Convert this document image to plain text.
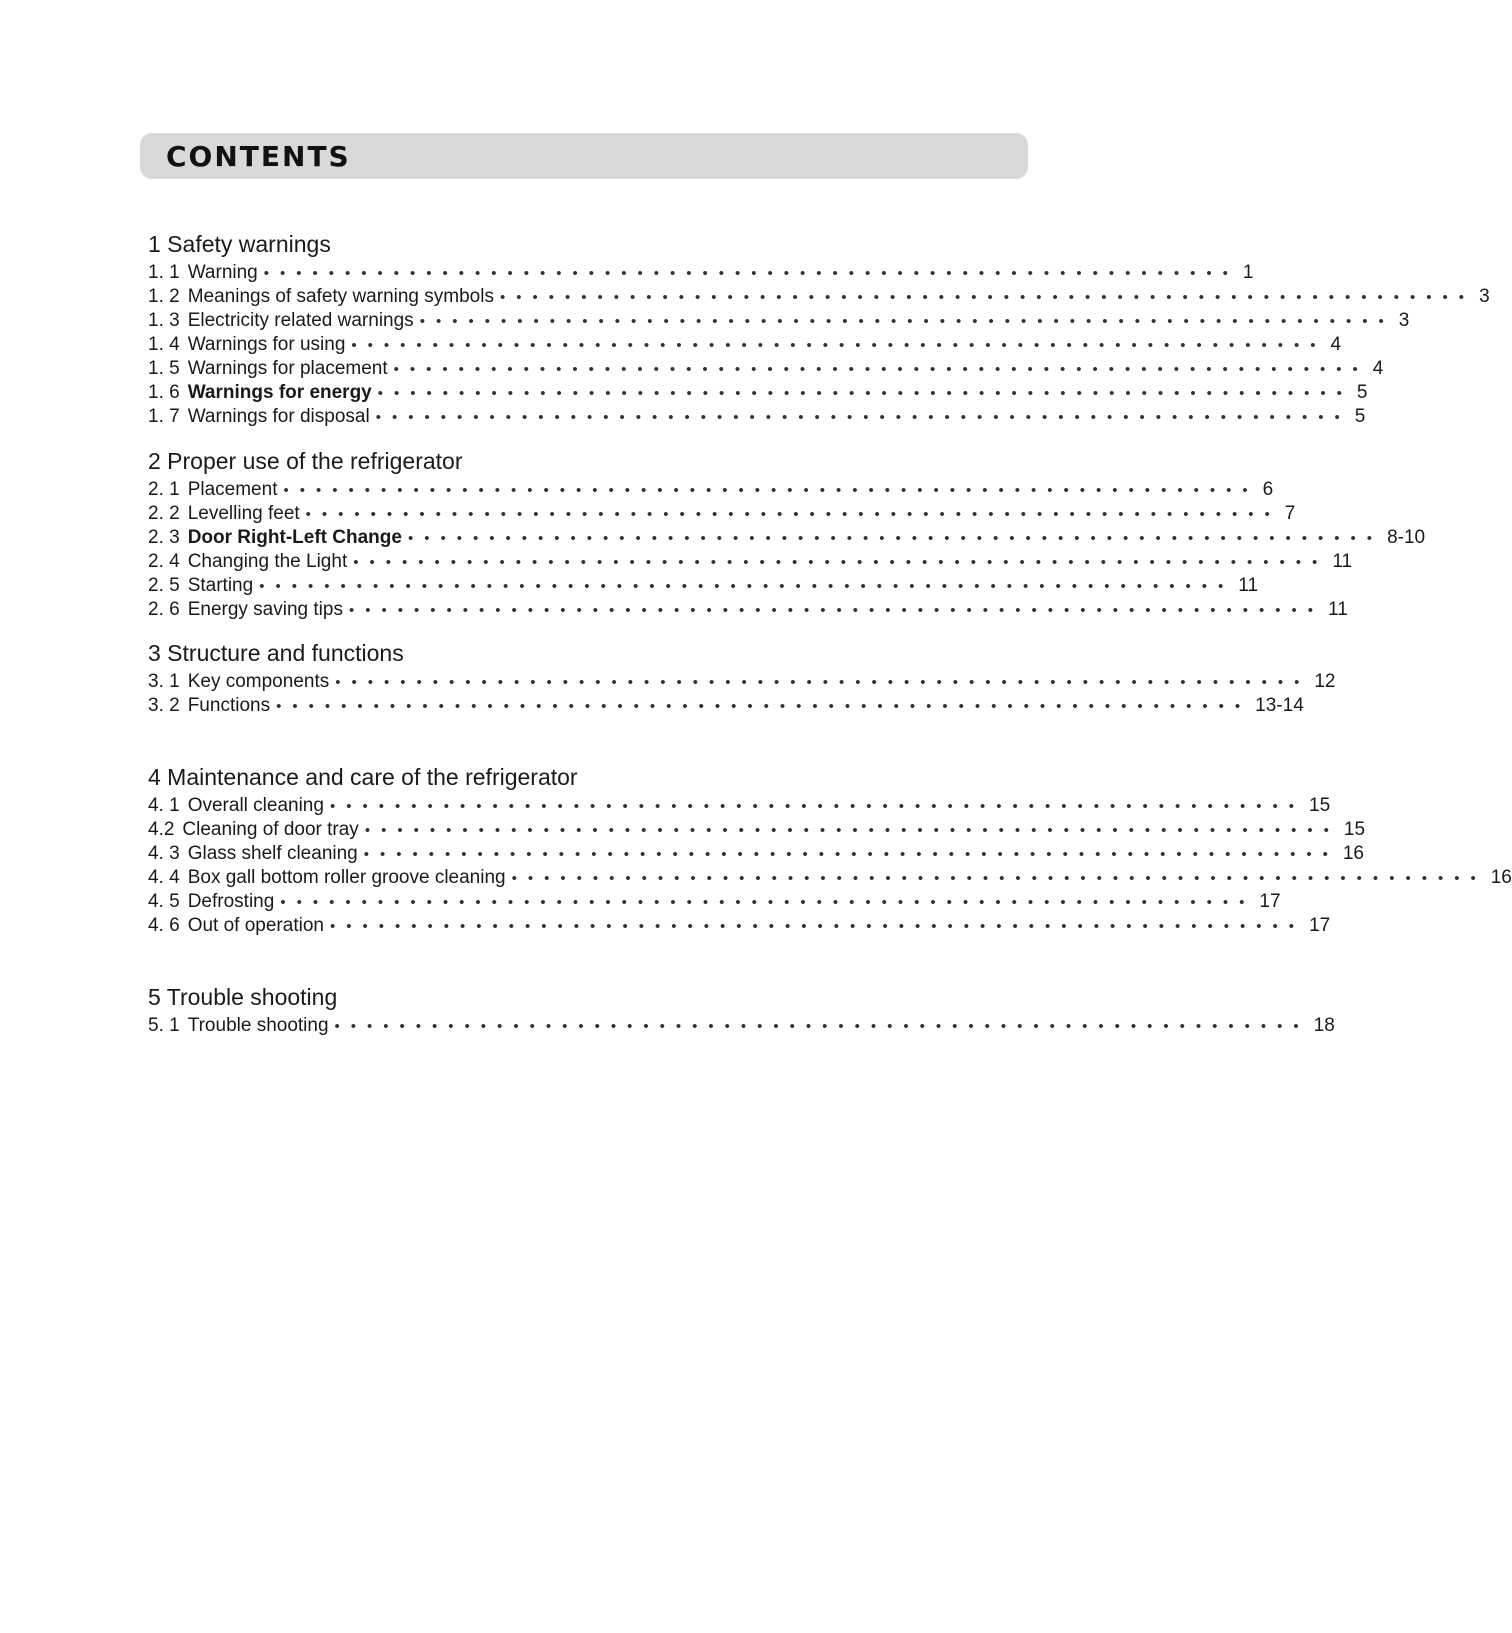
CONTENTS
1 Safety warnings
1. 1 Warning •••••••••••••••••••••••••••••••••••••••••••••••••••••••••••• 1
1. 2 Meanings of safety warning symbols •••••••••••••••••••••••••••••••••••••••••••••••••••••••••••• 3
1. 3 Electricity related warnings •••••••••••••••••••••••••••••••••••••••••••••••••••••••••••• 3
1. 4 Warnings for using •••••••••••••••••••••••••••••••••••••••••••••••••••••••••••• 4
1. 5 Warnings for placement •••••••••••••••••••••••••••••••••••••••••••••••••••••••••••• 4
1. 6 Warnings for energy •••••••••••••••••••••••••••••••••••••••••••••••••••••••••••• 5
1. 7 Warnings for disposal •••••••••••••••••••••••••••••••••••••••••••••••••••••••••••• 5
2 Proper use of the refrigerator
2. 1 Placement •••••••••••••••••••••••••••••••••••••••••••••••••••••••••••• 6
2. 2 Levelling feet •••••••••••••••••••••••••••••••••••••••••••••••••••••••••••• 7
2. 3 Door Right-Left Change •••••••••••••••••••••••••••••••••••••••••••••••••••••••••••• 8-10
2. 4 Changing the Light •••••••••••••••••••••••••••••••••••••••••••••••••••••••••••• 11
2. 5 Starting •••••••••••••••••••••••••••••••••••••••••••••••••••••••••••• 11
2. 6 Energy saving tips •••••••••••••••••••••••••••••••••••••••••••••••••••••••••••• 11
3 Structure and functions
3. 1 Key components •••••••••••••••••••••••••••••••••••••••••••••••••••••••••••• 12
3. 2 Functions •••••••••••••••••••••••••••••••••••••••••••••••••••••••••••• 13-14
4 Maintenance and care of the refrigerator
4. 1 Overall cleaning •••••••••••••••••••••••••••••••••••••••••••••••••••••••••••• 15
4.2 Cleaning of door tray •••••••••••••••••••••••••••••••••••••••••••••••••••••••••••• 15
4. 3 Glass shelf cleaning •••••••••••••••••••••••••••••••••••••••••••••••••••••••••••• 16
4. 4 Box gall bottom roller groove cleaning •••••••••••••••••••••••••••••••••••••••••••••••••••••••••••• 16
4. 5 Defrosting •••••••••••••••••••••••••••••••••••••••••••••••••••••••••••• 17
4. 6 Out of operation •••••••••••••••••••••••••••••••••••••••••••••••••••••••••••• 17
5 Trouble shooting
5. 1 Trouble shooting •••••••••••••••••••••••••••••••••••••••••••••••••••••••••••• 18
